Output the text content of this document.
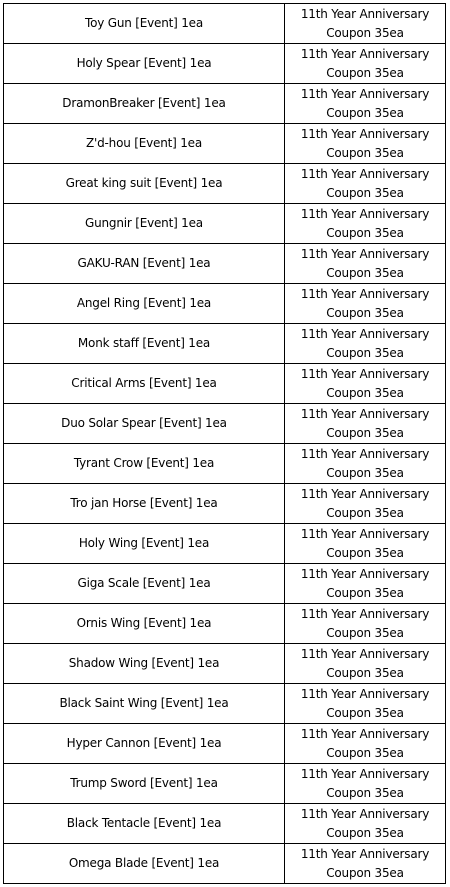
Toy Gun [Event] 1ea	11th Year Anniversary
Coupon 35ea

Holy Spear [Event] 1ea	11th Year Anniversary
Coupon 35ea

DramonBreaker [Event] 1ea	11th Year Anniversary
Coupon 35ea

Z'd-hou [Event] 1ea	11th Year Anniversary
Coupon 35ea

Great king suit [Event] 1ea	11th Year Anniversary
Coupon 35ea

Gungnir [Event] 1ea	11th Year Anniversary
Coupon 35ea

GAKU-RAN [Event] 1ea	11th Year Anniversary
Coupon 35ea

Angel Ring [Event] 1ea	11th Year Anniversary
Coupon 35ea

Monk staff [Event] 1ea	11th Year Anniversary
Coupon 35ea

Critical Arms [Event] 1ea	11th Year Anniversary
Coupon 35ea

Duo Solar Spear [Event] 1ea	11th Year Anniversary
Coupon 35ea

Tyrant Crow [Event] 1ea	11th Year Anniversary
Coupon 35ea

Tro jan Horse [Event] 1ea	11th Year Anniversary
Coupon 35ea

Holy Wing [Event] 1ea	11th Year Anniversary
Coupon 35ea

Giga Scale [Event] 1ea	11th Year Anniversary
Coupon 35ea

Ornis Wing [Event] 1ea	11th Year Anniversary
Coupon 35ea

Shadow Wing [Event] 1ea	11th Year Anniversary
Coupon 35ea

Black Saint Wing [Event] 1ea	11th Year Anniversary
Coupon 35ea

Hyper Cannon [Event] 1ea	11th Year Anniversary
Coupon 35ea

Trump Sword [Event] 1ea	11th Year Anniversary
Coupon 35ea

Black Tentacle [Event] 1ea	11th Year Anniversary
Coupon 35ea

Omega Blade [Event] 1ea	11th Year Anniversary
Coupon 35ea
